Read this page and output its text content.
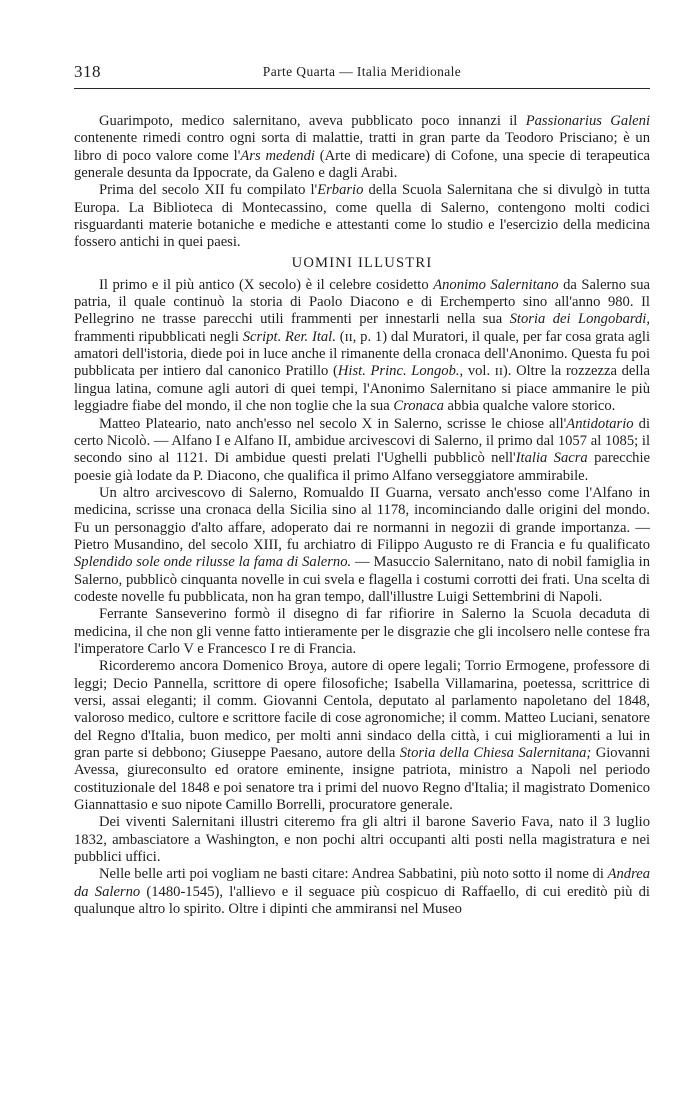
318	Parte Quarta — Italia Meridionale

Guarimpoto, medico salernitano, aveva pubblicato poco innanzi il Passionarius Galeni contenente rimedi contro ogni sorta di malattie, tratti in gran parte da Teodoro Prisciano; è un libro di poco valore come l'Ars medendi (Arte di medicare) di Cofone, una specie di terapeutica generale desunta da Ippocrate, da Galeno e dagli Arabi.

Prima del secolo XII fu compilato l'Erbario della Scuola Salernitana che si divulgò in tutta Europa. La Biblioteca di Montecassino, come quella di Salerno, contengono molti codici risguardanti materie botaniche e mediche e attestanti come lo studio e l'esercizio della medicina fossero antichi in quei paesi.

UOMINI ILLUSTRI

Il primo e il più antico (X secolo) è il celebre cosidetto Anonimo Salernitano da Salerno sua patria, il quale continuò la storia di Paolo Diacono e di Erchemperto sino all'anno 980. Il Pellegrino ne trasse parecchi utili frammenti per innestarli nella sua Storia dei Longobardi, frammenti ripubblicati negli Script. Rer. Ital. (ɪɪ, p. 1) dal Muratori, il quale, per far cosa grata agli amatori dell'istoria, diede poi in luce anche il rimanente della cronaca dell'Anonimo. Questa fu poi pubblicata per intiero dal canonico Pratillo (Hist. Princ. Longob., vol. ɪɪ). Oltre la rozzezza della lingua latina, comune agli autori di quei tempi, l'Anonimo Salernitano si piace ammanire le più leggiadre fiabe del mondo, il che non toglie che la sua Cronaca abbia qualche valore storico.

Matteo Plateario, nato anch'esso nel secolo X in Salerno, scrisse le chiose all'Antidotario di certo Nicolò. — Alfano I e Alfano II, ambidue arcivescovi di Salerno, il primo dal 1057 al 1085; il secondo sino al 1121. Di ambidue questi prelati l'Ughelli pubblicò nell'Italia Sacra parecchie poesie già lodate da P. Diacono, che qualifica il primo Alfano verseggiatore ammirabile.

Un altro arcivescovo di Salerno, Romualdo II Guarna, versato anch'esso come l'Alfano in medicina, scrisse una cronaca della Sicilia sino al 1178, incominciando dalle origini del mondo. Fu un personaggio d'alto affare, adoperato dai re normanni in negozii di grande importanza. — Pietro Musandino, del secolo XIII, fu archiatro di Filippo Augusto re di Francia e fu qualificato Splendido sole onde rilusse la fama di Salerno. — Masuccio Salernitano, nato di nobil famiglia in Salerno, pubblicò cinquanta novelle in cui svela e flagella i costumi corrotti dei frati. Una scelta di codeste novelle fu pubblicata, non ha gran tempo, dall'illustre Luigi Settembrini di Napoli.

Ferrante Sanseverino formò il disegno di far rifiorire in Salerno la Scuola decaduta di medicina, il che non gli venne fatto intieramente per le disgrazie che gli incolsero nelle contese fra l'imperatore Carlo V e Francesco I re di Francia.

Ricorderemo ancora Domenico Broya, autore di opere legali; Torrio Ermogene, professore di leggi; Decio Pannella, scrittore di opere filosofiche; Isabella Villamarina, poetessa, scrittrice di versi, assai eleganti; il comm. Giovanni Centola, deputato al parlamento napoletano del 1848, valoroso medico, cultore e scrittore facile di cose agronomiche; il comm. Matteo Luciani, senatore del Regno d'Italia, buon medico, per molti anni sindaco della città, i cui miglioramenti a lui in gran parte si debbono; Giuseppe Paesano, autore della Storia della Chiesa Salernitana; Giovanni Avessa, giureconsulto ed oratore eminente, insigne patriota, ministro a Napoli nel periodo costituzionale del 1848 e poi senatore tra i primi del nuovo Regno d'Italia; il magistrato Domenico Giannattasio e suo nipote Camillo Borrelli, procuratore generale.

Dei viventi Salernitani illustri citeremo fra gli altri il barone Saverio Fava, nato il 3 luglio 1832, ambasciatore a Washington, e non pochi altri occupanti alti posti nella magistratura e nei pubblici uffici.

Nelle belle arti poi vogliam ne basti citare: Andrea Sabbatini, più noto sotto il nome di Andrea da Salerno (1480-1545), l'allievo e il seguace più cospicuo di Raffaello, di cui ereditò più di qualunque altro lo spirito. Oltre i dipinti che ammiransi nel Museo
